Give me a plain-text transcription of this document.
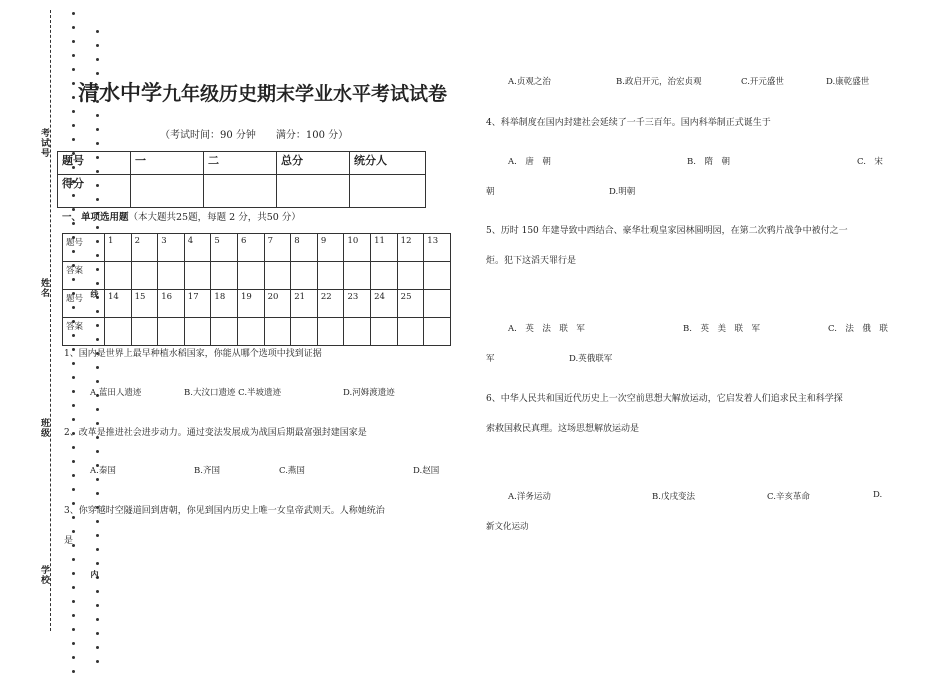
考试号
姓名
班级
学校
线
内
清水中学九年级历史期末学业水平考试试卷
（考试时间：90 分钟　　满分：100 分）
题号	一	二	总分	统分人
得分				
一、单项选用题（本大题共25题，每题 2 分，共50 分）
题号	1	2	3	4	5	6	7	8	9	10	11	12	13
答案													
题号	14	15	16	17	18	19	20	21	22	23	24	25	
答案													
1、国内是世界上最早种植水稻国家，你能从哪个选项中找到证据
A.蓝田人遗迹	B.大汶口遗迹 C.半坡遗迹	D.河姆渡遗迹
2、改革是推进社会进步动力。通过变法发展成为战国后期最富强封建国家是
A.秦国	B.齐国	C.燕国	D.赵国
3、你穿越时空隧道回到唐朝，你见到国内历史上唯一女皇帝武则天。人称她统治
是
A.贞观之治	B.政启开元，治宏贞观	C.开元盛世	D.康乾盛世
4、科举制度在国内封建社会延续了一千三百年。国内科举制正式诞生于
A.　唐　朝	B.　隋　朝	C.　宋
朝	D.明朝
5、历时 150 年建导致中西结合、豪华壮观皇家园林圆明园，在第二次鸦片战争中被付之一
炬。犯下这滔天罪行是
A.　英　法　联　军	B.　英　美　联　军	C.　法　俄　联
军	D.英俄联军
6、中华人民共和国近代历史上一次空前思想大解放运动，它启发着人们追求民主和科学探
索救国救民真理。这场思想解放运动是
A.洋务运动	B.戊戌变法	C.辛亥革命	D.
新文化运动
